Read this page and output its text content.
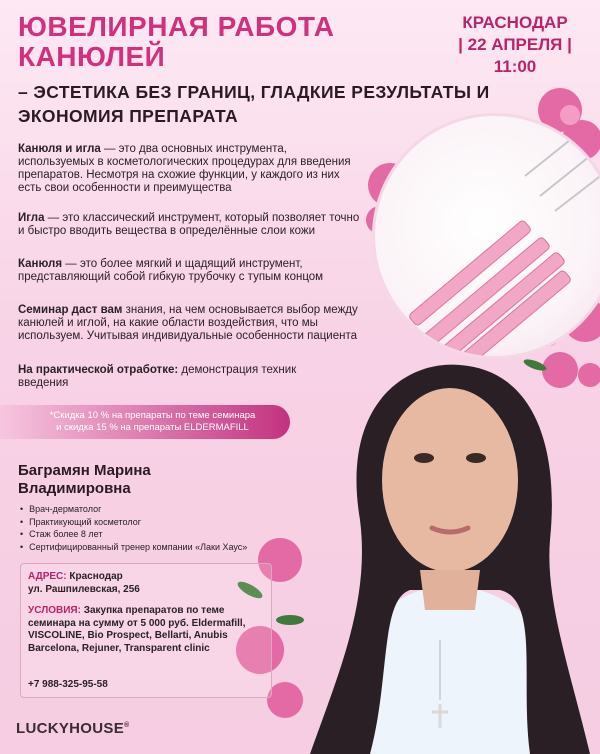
ЮВЕЛИРНАЯ РАБОТА КАНЮЛЕЙ
– ЭСТЕТИКА БЕЗ ГРАНИЦ, ГЛАДКИЕ РЕЗУЛЬТАТЫ И ЭКОНОМИЯ ПРЕПАРАТА
КРАСНОДАР
| 22 АПРЕЛЯ |
11:00
Канюля и игла — это два основных инструмента, используемых в косметологических процедурах для введения препаратов. Несмотря на схожие функции, у каждого из них есть свои особенности и преимущества
Игла — это классический инструмент, который позволяет точно и быстро вводить вещества в определённые слои кожи
Канюля — это более мягкий и щадящий инструмент, представляющий собой гибкую трубочку с тупым концом
Семинар даст вам знания, на чем основывается выбор между канюлей и иглой, на какие области воздействия, что мы используем. Учитывая индивидуальные особенности пациента
На практической отработке: демонстрация техник введения
*Скидка 10 % на препараты по теме семинара
и скидка 15 % на препараты ELDERMAFILL
Баграмян Марина
Владимировна
• Врач-дерматолог
• Практикующий косметолог
• Стаж более 8 лет
• Сертифицированный тренер компании «Лаки Хаус»
АДРЕС: Краснодар
ул. Рашпилевская, 256
УСЛОВИЯ: Закупка препаратов по теме семинара на сумму от 5 000 руб. Eldermafill, VISCOLINE, Bio Prospect, Bellarti, Anubis Barcelona, Rejuner, Transparent clinic
+7 988-325-95-58
LUCKYHOUSE®
